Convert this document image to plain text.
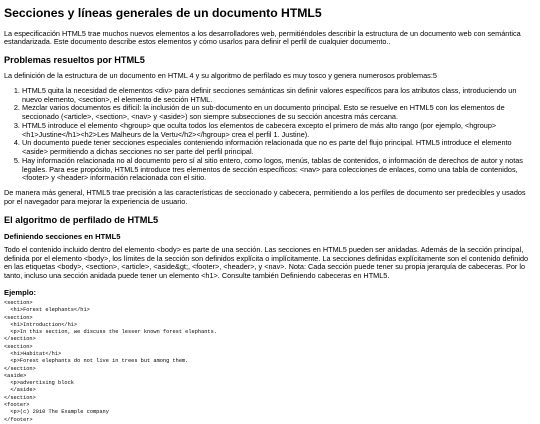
Secciones y líneas generales de un documento HTML5

La especificación HTML5 trae muchos nuevos elementos a los desarrolladores web, permitiéndoles describir la estructura de un documento web con semántica estandarizada. Este documento describe estos elementos y cómo usarlos para definir el perfil de cualquier documento..

Problemas resueltos por HTML5

La definición de la estructura de un documento en HTML 4 y su algoritmo de perfilado es muy tosco y genera numerosos problemas:5

1. HTML5 quita la necesidad de elementos <div> para definir secciones semánticas sin definir valores específicos para los atributos class, introduciendo un nuevo elemento, <section>, el elemento de sección HTML.
2. Mezclar varios documentos es difícil: la inclusión de un sub-documento en un documento principal. Esto se resuelve en HTML5 con los elementos de seccionado (<article>, <section>, <nav> y <aside>) son siempre subsecciones de su sección ancestra más cercana.
3. HTML5 introduce el elemento <hgroup> que oculta todos los elementos de cabecera excepto el primero de más alto rango (por ejemplo, <hgroup> <h1>Justine</h1><h2>Les Malheurs de la Vertu</h2></hgroup> crea el perfil 1. Justine).
4. Un documento puede tener secciones especiales conteniendo información relacionada que no es parte del flujo principal. HTML5 introduce el elemento <aside> permitiendo a dichas secciones no ser parte del perfil principal.
5. Hay información relacionada no al documento pero sí al sitio entero, como logos, menús, tablas de contenidos, o información de derechos de autor y notas legales. Para ese propósito, HTML5 introduce tres elementos de sección específicos: <nav> para colecciones de enlaces, como una tabla de contenidos, <footer> y <header> información relacionada con el sitio.

De manera más general, HTML5 trae precisión a las características de seccionado y cabecera, permitiendo a los perfiles de documento ser predecibles y usados por el navegador para mejorar la experiencia de usuario.

El algoritmo de perfilado de HTML5
Definiendo secciones en HTML5

Todo el contenido incluido dentro del elemento <body> es parte de una sección. Las secciones en HTML5 pueden ser anidadas. Además de la sección principal, definida por el elemento <body>, los límites de la sección son definidos explícita o implícitamente. La secciones definidas explícitamente son el contenido definido en las etiquetas <body>, <section>, <article>, <aside&gt;, <footer>, <header>, y <nav>. Nota: Cada sección puede tener su propia jerarquía de cabeceras. Por lo tanto, incluso una sección anidada puede tener un elemento <h1>. Consulte también Definiendo cabeceras en HTML5.

Ejemplo:
<section>
<h1>Forest elephants</h1>
<section>
<h1>Introduction</h1>
<p>In this section, we discuss the lesser known forest elephants.
</section>
<section>
<h1>Habitat</h1>
<p>Forest elephants do not live in trees but among them.
</section>
<aside>
<p>advertising block
</aside>
</section>
<footer>
<p>(c) 2010 The Example company
</footer>
